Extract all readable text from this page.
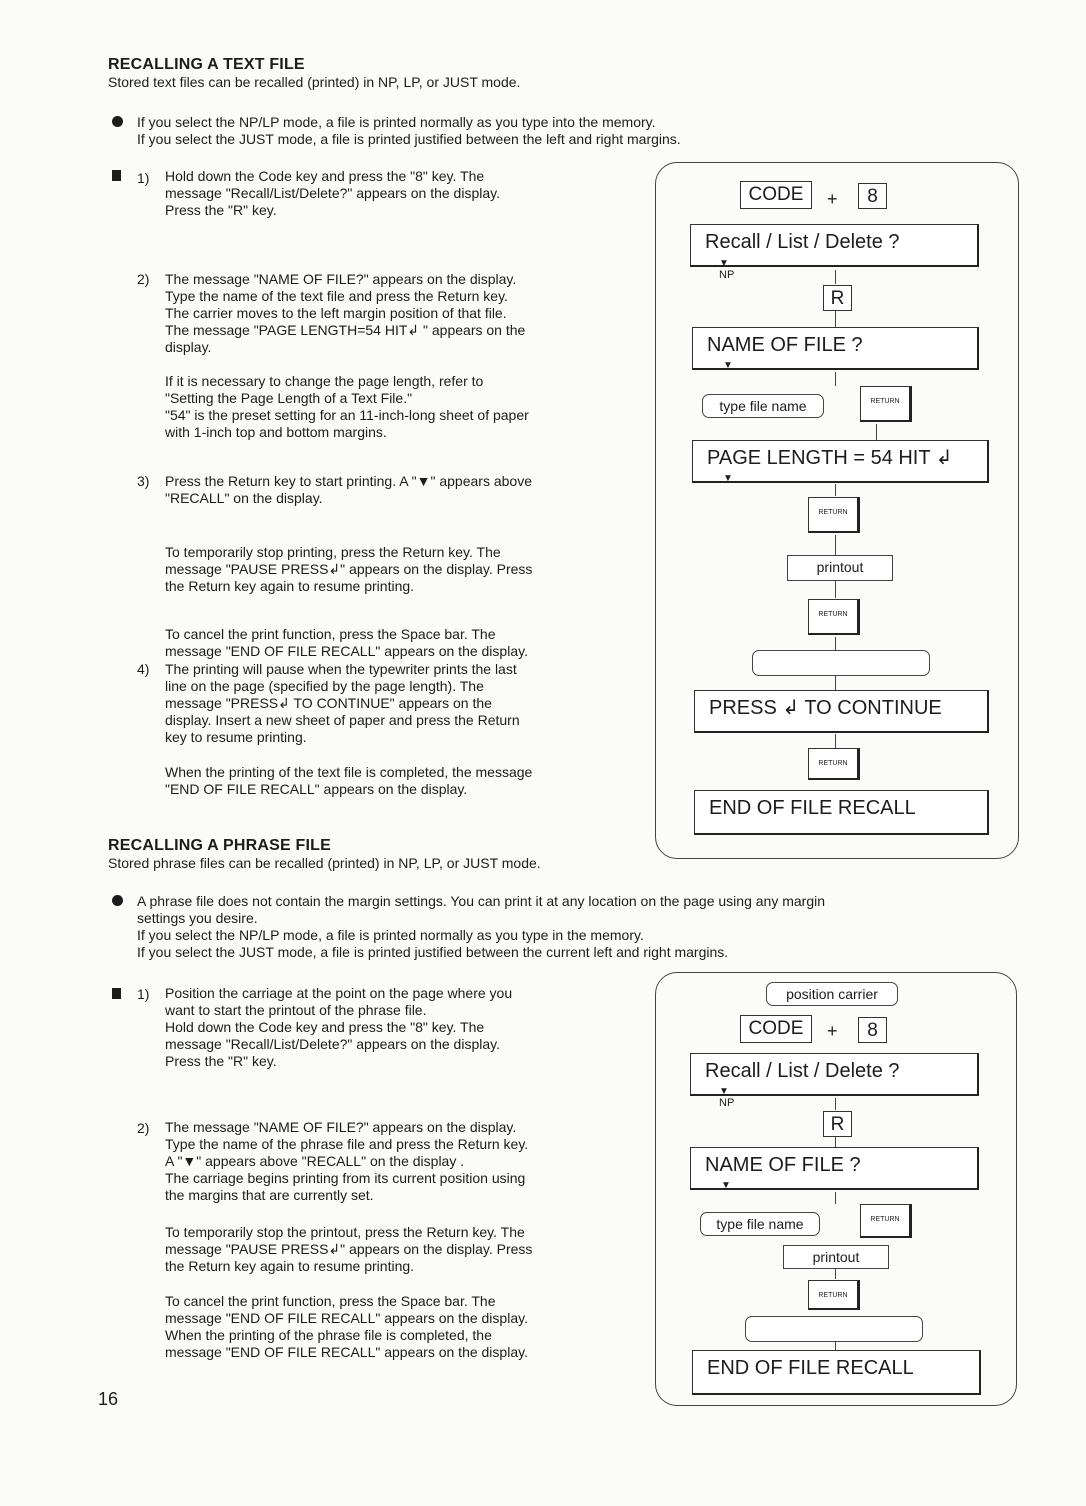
RECALLING A TEXT FILE
Stored text files can be recalled (printed) in NP, LP, or JUST mode.
If you select the NP/LP mode, a file is printed normally as you type into the memory.
If you select the JUST mode, a file is printed justified between the left and right margins.
1) Hold down the Code key and press the "8" key. The
message "Recall/List/Delete?" appears on the display.
Press the "R" key.
2) The message "NAME OF FILE?" appears on the display.
Type the name of the text file and press the Return key.
The carrier moves to the left margin position of that file.
The message "PAGE LENGTH=54 HIT↲ " appears on the
display.
If it is necessary to change the page length, refer to
"Setting the Page Length of a Text File."
"54" is the preset setting for an 11-inch-long sheet of paper
with 1-inch top and bottom margins.
3) Press the Return key to start printing. A "▼" appears above
"RECALL" on the display.
To temporarily stop printing, press the Return key. The
message "PAUSE PRESS↲" appears on the display. Press
the Return key again to resume printing.
To cancel the print function, press the Space bar. The
message "END OF FILE RECALL" appears on the display.
4) The printing will pause when the typewriter prints the last
line on the page (specified by the page length). The
message "PRESS↲ TO CONTINUE" appears on the
display. Insert a new sheet of paper and press the Return
key to resume printing.
When the printing of the text file is completed, the message
"END OF FILE RECALL" appears on the display.
CODE	+	8
Recall / List / Delete ?
▼
NP
R
NAME OF FILE ?
▼
type file name	RETURN
PAGE LENGTH = 54 HIT ↲
▼
RETURN
printout
RETURN
PRESS ↲ TO CONTINUE
RETURN
END OF FILE RECALL
RECALLING A PHRASE FILE
Stored phrase files can be recalled (printed) in NP, LP, or JUST mode.
A phrase file does not contain the margin settings. You can print it at any location on the page using any margin
settings you desire.
If you select the NP/LP mode, a file is printed normally as you type in the memory.
If you select the JUST mode, a file is printed justified between the current left and right margins.
1) Position the carriage at the point on the page where you
want to start the printout of the phrase file.
Hold down the Code key and press the "8" key. The
message "Recall/List/Delete?" appears on the display.
Press the "R" key.
2) The message "NAME OF FILE?" appears on the display.
Type the name of the phrase file and press the Return key.
A "▼" appears above "RECALL" on the display .
The carriage begins printing from its current position using
the margins that are currently set.
To temporarily stop the printout, press the Return key. The
message "PAUSE PRESS↲" appears on the display. Press
the Return key again to resume printing.
To cancel the print function, press the Space bar. The
message "END OF FILE RECALL" appears on the display.
When the printing of the phrase file is completed, the
message "END OF FILE RECALL" appears on the display.
position carrier
CODE	+	8
Recall / List / Delete ?
▼
NP
R
NAME OF FILE ?
▼
type file name	RETURN
printout
RETURN
END OF FILE RECALL
16
